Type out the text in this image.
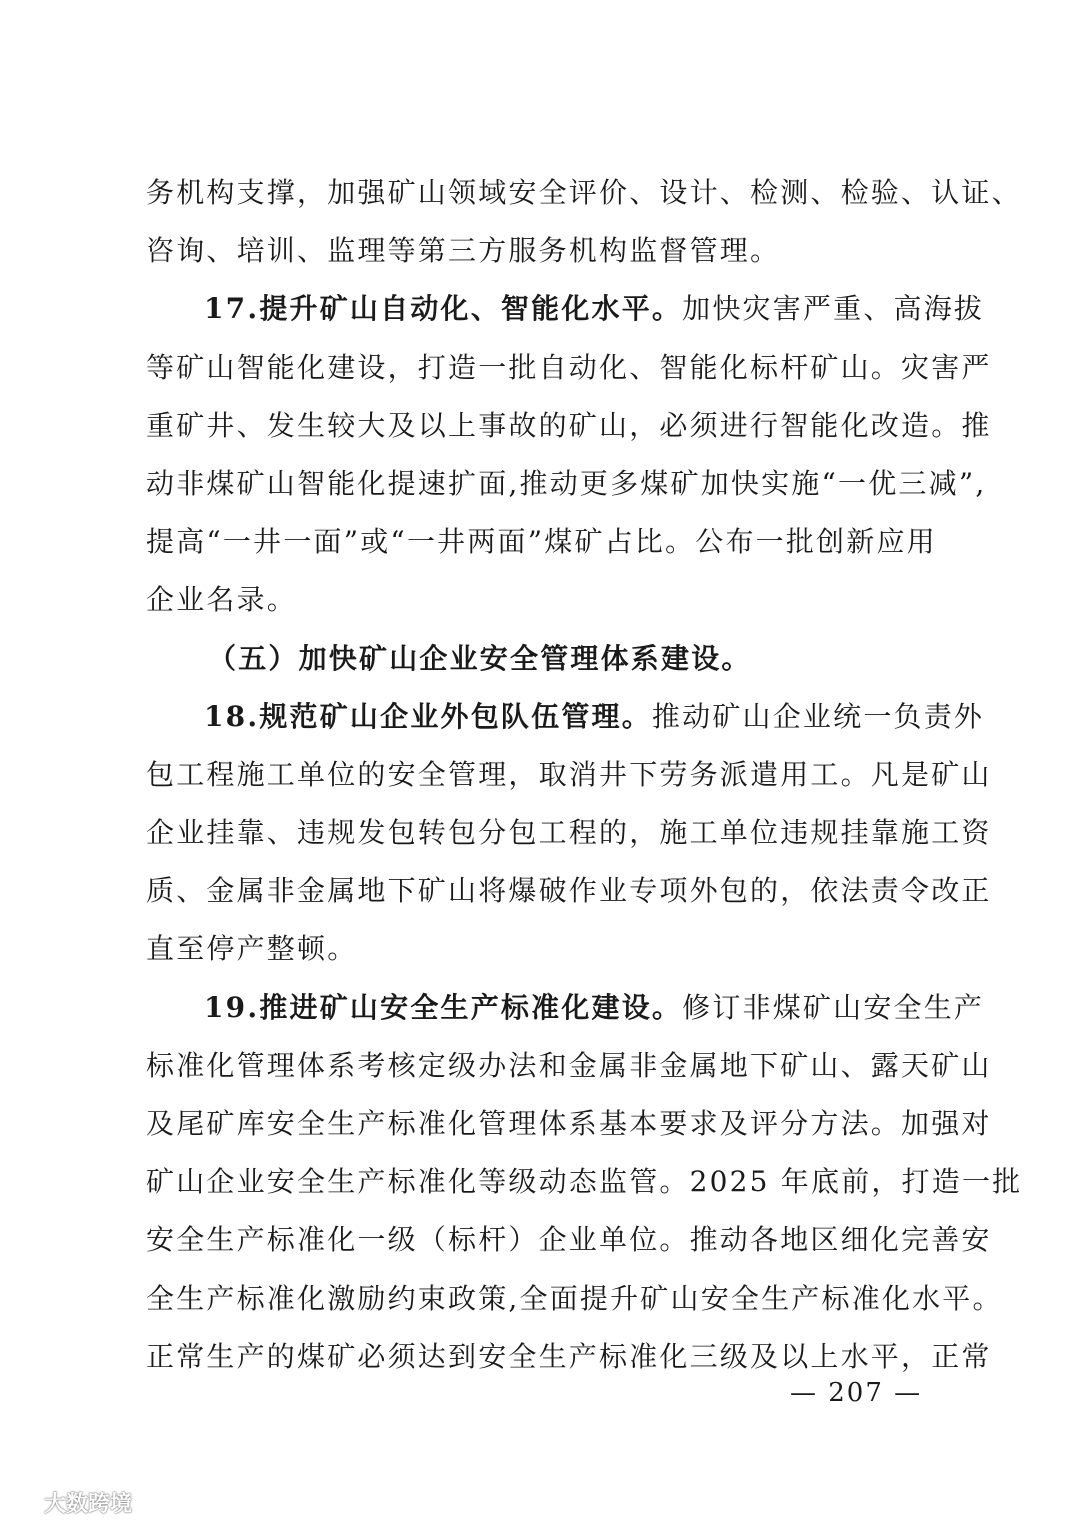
务机构支撑，加强矿山领域安全评价、设计、检测、检验、认证、
咨询、培训、监理等第三方服务机构监督管理。
17.提升矿山自动化、智能化水平。加快灾害严重、高海拔
等矿山智能化建设，打造一批自动化、智能化标杆矿山。灾害严
重矿井、发生较大及以上事故的矿山，必须进行智能化改造。推
动非煤矿山智能化提速扩面,推动更多煤矿加快实施“一优三减”,
提高“一井一面”或“一井两面”煤矿占比。公布一批创新应用
企业名录。
（五）加快矿山企业安全管理体系建设。
18.规范矿山企业外包队伍管理。推动矿山企业统一负责外
包工程施工单位的安全管理，取消井下劳务派遣用工。凡是矿山
企业挂靠、违规发包转包分包工程的，施工单位违规挂靠施工资
质、金属非金属地下矿山将爆破作业专项外包的，依法责令改正
直至停产整顿。
19.推进矿山安全生产标准化建设。修订非煤矿山安全生产
标准化管理体系考核定级办法和金属非金属地下矿山、露天矿山
及尾矿库安全生产标准化管理体系基本要求及评分方法。加强对
矿山企业安全生产标准化等级动态监管。2025 年底前，打造一批
安全生产标准化一级（标杆）企业单位。推动各地区细化完善安
全生产标准化激励约束政策,全面提升矿山安全生产标准化水平。
正常生产的煤矿必须达到安全生产标准化三级及以上水平，正常
— 207 —
大数跨境
